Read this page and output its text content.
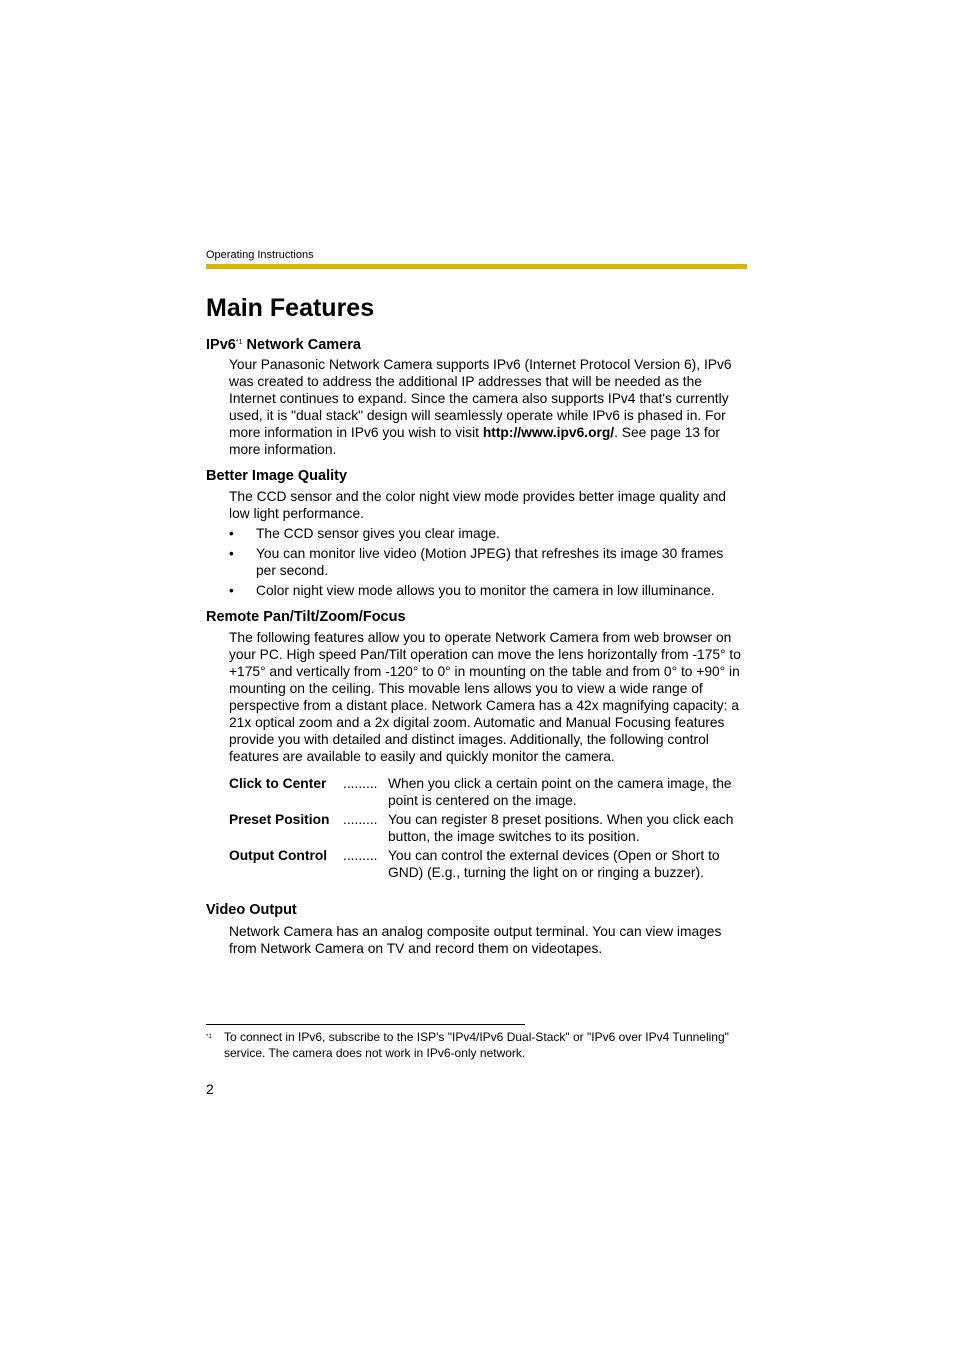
Operating Instructions
Main Features
IPv6$^{*1}$ Network Camera

Your Panasonic Network Camera supports IPv6 (Internet Protocol Version 6), IPv6 was created to address the additional IP addresses that will be needed as the Internet continues to expand. Since the camera also supports IPv4 that's currently used, it is "dual stack" design will seamlessly operate while IPv6 is phased in. For more information in IPv6 you wish to visit http://www.ipv6.org/. See page 13 for more information.

Better Image Quality

The CCD sensor and the color night view mode provides better image quality and low light performance.

• The CCD sensor gives you clear image.
• You can monitor live video (Motion JPEG) that refreshes its image 30 frames per second.
• Color night view mode allows you to monitor the camera in low illuminance.
Remote Pan/Tilt/Zoom/Focus

The following features allow you to operate Network Camera from web browser on your PC. High speed Pan/Tilt operation can move the lens horizontally from -175° to +175° and vertically from -120° to 0° in mounting on the table and from 0° to +90° in mounting on the ceiling. This movable lens allows you to view a wide range of perspective from a distant place. Network Camera has a 42x magnifying capacity: a 21x optical zoom and a 2x digital zoom. Automatic and Manual Focusing features provide you with detailed and distinct images. Additionally, the following control features are available to easily and quickly monitor the camera.

Click to Center	......... When you click a certain point on the camera image, the point is centered on the image.
Preset Position ......... You can register 8 preset positions. When you click each button, the image switches to its position.
Output Control	......... You can control the external devices (Open or Short to GND) (E.g., turning the light on or ringing a buzzer).
Video Output

Network Camera has an analog composite output terminal. You can view images from Network Camera on TV and record them on videotapes.

*1 To connect in IPv6, subscribe to the ISP's "IPv4/IPv6 Dual-Stack" or "IPv6 over IPv4 Tunneling" service. The camera does not work in IPv6-only network.
2
